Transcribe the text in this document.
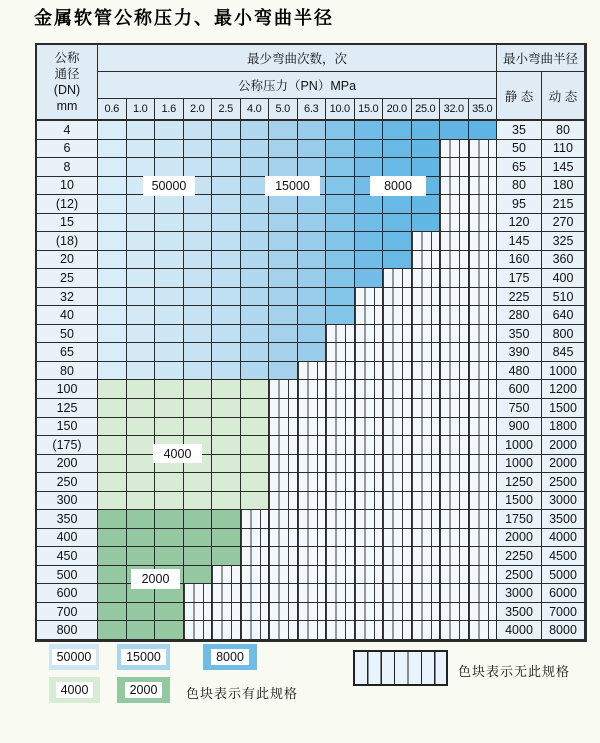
金属软管公称压力、最小弯曲半径
公称
通径
(DN)
mm
最少弯曲次数，次
公称压力（PN）MPa
最小弯曲半径
静 态	动 态
0.6	1.0	1.6	2.0	2.5	4.0	5.0	6.3	10.0 15.0 20.0 25.0 32.0 35.0
4	35	80
6	50	110
8	65	145
10	80	180
(12)	95	215
15	120	270
(18)	145	325
20	160	360
25	175	400
32	225	510
40	280	640
50	350	800
65	390	845
80	480	1000
100	600	1200
125	750	1500
150	900	1800
(175)	1000	2000
200	1000	2000
250	1250	2500
300	1500	3000
350	1750	3500
400	2000	4000
450	2250	4500
500	2500	5000
600	3000	6000
700	3500	7000
800	4000	8000
50000	15000	8000
4000
2000
50000	15000	8000
4000	2000	色块表示有此规格
色块表示无此规格
